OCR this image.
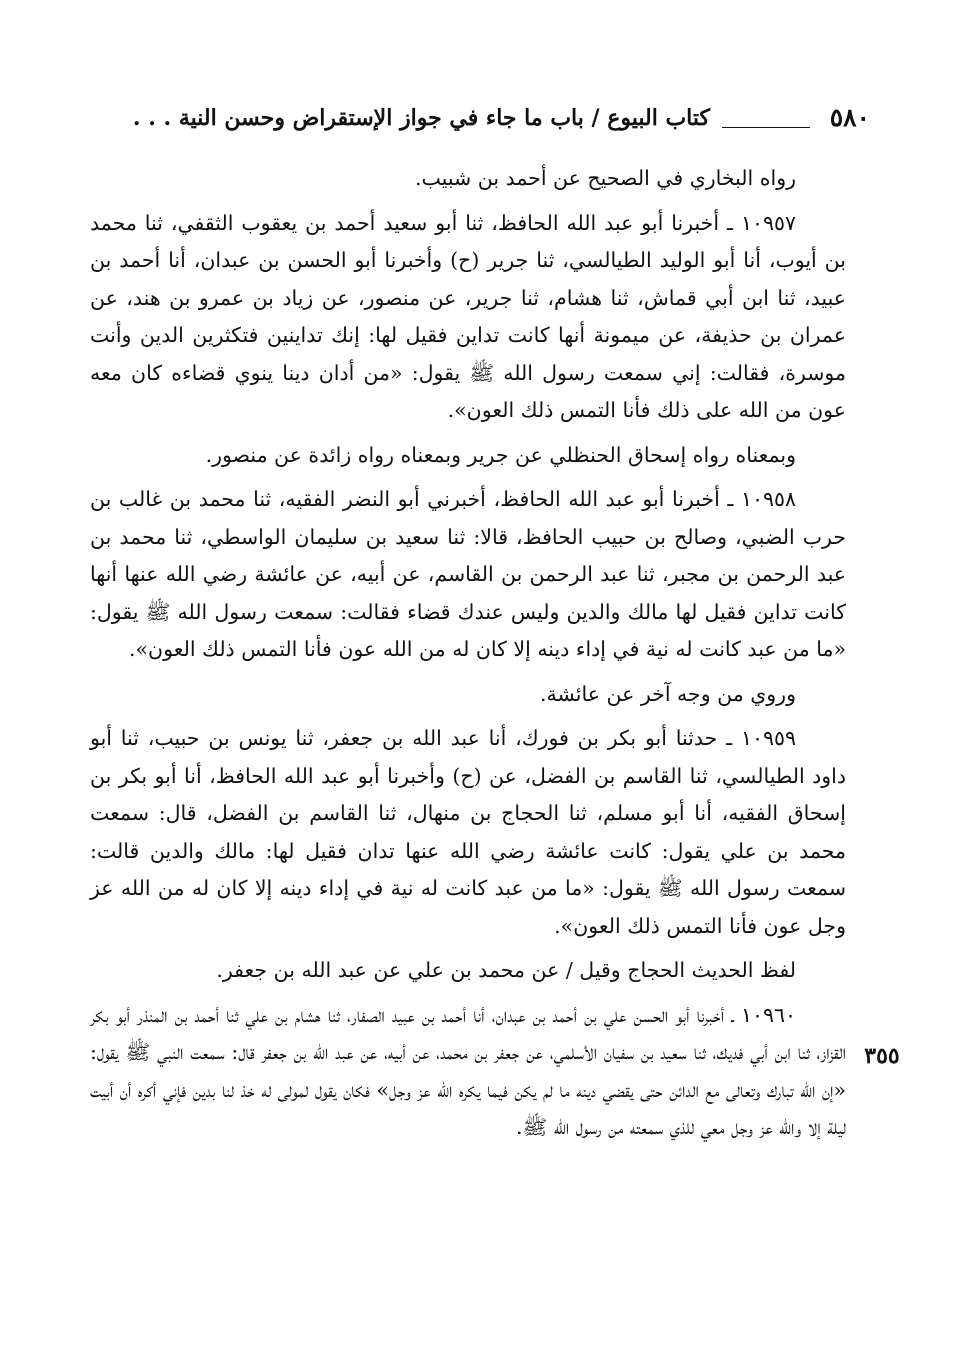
٥٨٠
كتاب البيوع / باب ما جاء في جواز الإستقراض وحسن النية . . .
٣٥٥

رواه البخاري في الصحيح عن أحمد بن شبيب.

١٠٩٥٧ ـ أخبرنا أبو عبد الله الحافظ، ثنا أبو سعيد أحمد بن يعقوب الثقفي، ثنا محمد بن أيوب، أنا أبو الوليد الطيالسي، ثنا جرير (ح) وأخبرنا أبو الحسن بن عبدان، أنا أحمد بن عبيد، ثنا ابن أبي قماش، ثنا هشام، ثنا جرير، عن منصور، عن زياد بن عمرو بن هند، عن عمران بن حذيفة، عن ميمونة أنها كانت تداين فقيل لها: إنك تداينين فتكثرين الدين وأنت موسرة، فقالت: إني سمعت رسول الله ﷺ يقول: «من أدان دينا ينوي قضاءه كان معه عون من الله على ذلك فأنا التمس ذلك العون».

وبمعناه رواه إسحاق الحنظلي عن جرير وبمعناه رواه زائدة عن منصور.

١٠٩٥٨ ـ أخبرنا أبو عبد الله الحافظ، أخبرني أبو النضر الفقيه، ثنا محمد بن غالب بن حرب الضبي، وصالح بن حبيب الحافظ، قالا: ثنا سعيد بن سليمان الواسطي، ثنا محمد بن عبد الرحمن بن مجبر، ثنا عبد الرحمن بن القاسم، عن أبيه، عن عائشة رضي الله عنها أنها كانت تداين فقيل لها مالك والدين وليس عندك قضاء فقالت: سمعت رسول الله ﷺ يقول: «ما من عبد كانت له نية في إداء دينه إلا كان له من الله عون فأنا التمس ذلك العون».

وروي من وجه آخر عن عائشة.

١٠٩٥٩ ـ حدثنا أبو بكر بن فورك، أنا عبد الله بن جعفر، ثنا يونس بن حبيب، ثنا أبو داود الطيالسي، ثنا القاسم بن الفضل، عن (ح) وأخبرنا أبو عبد الله الحافظ، أنا أبو بكر بن إسحاق الفقيه، أنا أبو مسلم، ثنا الحجاج بن منهال، ثنا القاسم بن الفضل، قال: سمعت محمد بن علي يقول: كانت عائشة رضي الله عنها تدان فقيل لها: مالك والدين قالت: سمعت رسول الله ﷺ يقول: «ما من عبد كانت له نية في إداء دينه إلا كان له من الله عز وجل عون فأنا التمس ذلك العون».

لفظ الحديث الحجاج وقيل / عن محمد بن علي عن عبد الله بن جعفر.

١٠٩٦٠ ـ أخبرنا أبو الحسن علي بن أحمد بن عبدان، أنا أحمد بن عبيد الصفار، ثنا هشام بن علي ثنا أحمد بن المنذر أبو بكر القزاز، ثنا ابن أبي فديك، ثنا سعيد بن سفيان الأسلمي، عن جعفر بن محمد، عن أبيه، عن عبد الله بن جعفر قال: سمعت النبي ﷺ يقول: «إن الله تبارك وتعالى مع الدائن حتى يقضي دينه ما لم يكن فيما يكره الله عز وجل» فكان يقول لمولى له خذ لنا بدين فإني أكره أن أبيت ليلة إلا والله عز وجل معي للذي سمعته من رسول الله ﷺ.
